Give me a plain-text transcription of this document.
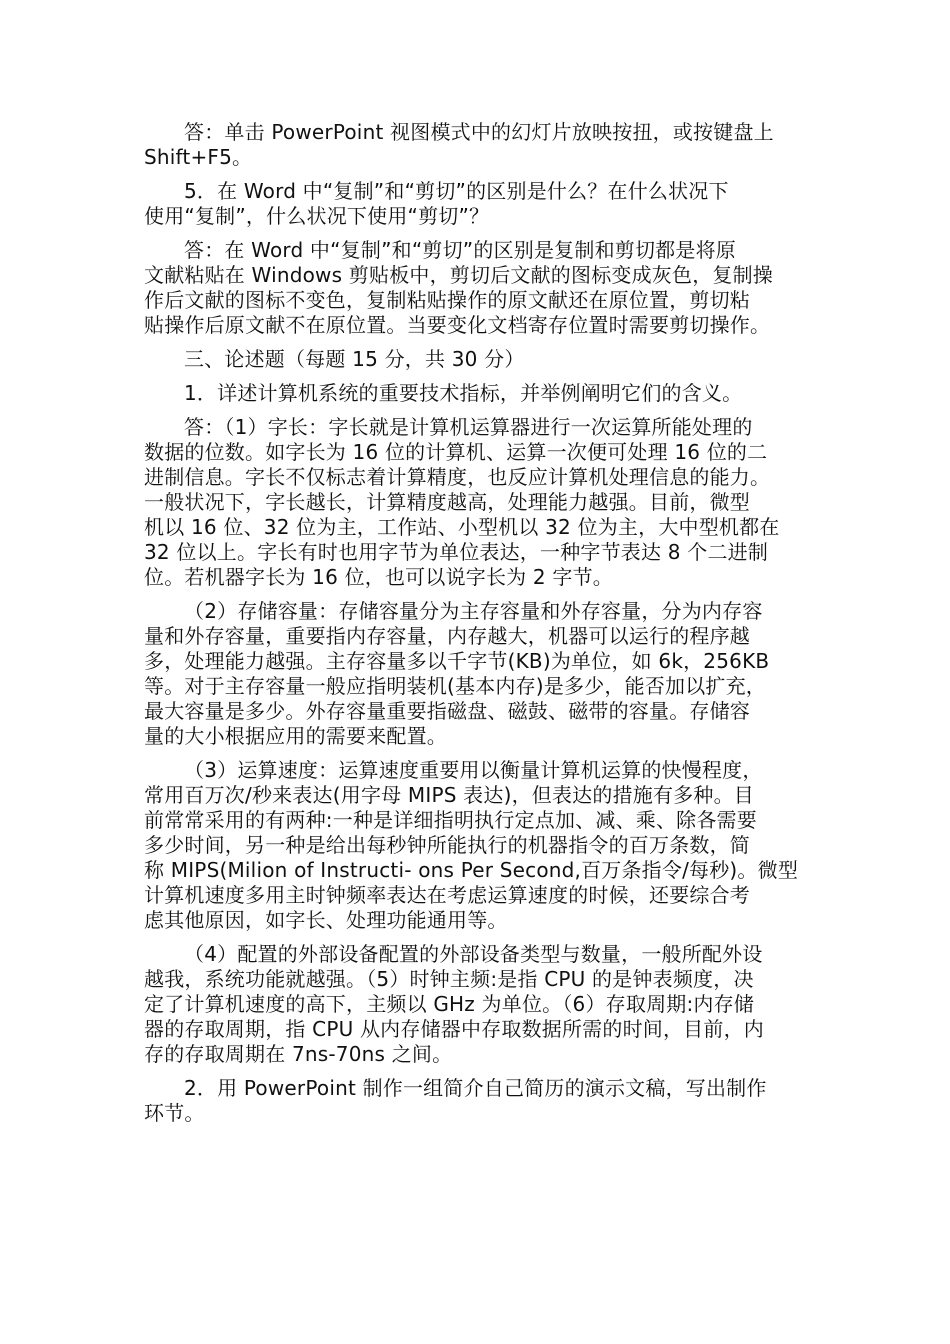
答：单击 PowerPoint 视图模式中的幻灯片放映按扭，或按键盘上
Shift+F5。

5．在 Word 中“复制”和“剪切”的区别是什么？在什么状况下
使用“复制”，什么状况下使用“剪切”？

答：在 Word 中“复制”和“剪切”的区别是复制和剪切都是将原
文献粘贴在 Windows 剪贴板中，剪切后文献的图标变成灰色，复制操
作后文献的图标不变色，复制粘贴操作的原文献还在原位置，剪切粘
贴操作后原文献不在原位置。当要变化文档寄存位置时需要剪切操作。

三、论述题（每题 15 分，共 30 分）

1．详述计算机系统的重要技术指标，并举例阐明它们的含义。

答：（1）字长：字长就是计算机运算器进行一次运算所能处理的
数据的位数。如字长为 16 位的计算机、运算一次便可处理 16 位的二
进制信息。字长不仅标志着计算精度，也反应计算机处理信息的能力。
一般状况下，字长越长，计算精度越高，处理能力越强。目前，微型
机以 16 位、32 位为主，工作站、小型机以 32 位为主，大中型机都在
32 位以上。字长有时也用字节为单位表达，一种字节表达 8 个二进制
位。若机器字长为 16 位，也可以说字长为 2 字节。

（2）存储容量：存储容量分为主存容量和外存容量，分为内存容
量和外存容量，重要指内存容量，内存越大，机器可以运行的程序越
多，处理能力越强。主存容量多以千字节(KB)为单位，如 6k，256KB
等。对于主存容量一般应指明装机(基本内存)是多少，能否加以扩充，
最大容量是多少。外存容量重要指磁盘、磁鼓、磁带的容量。存储容
量的大小根据应用的需要来配置。

（3）运算速度：运算速度重要用以衡量计算机运算的快慢程度，
常用百万次/秒来表达(用字母 MIPS 表达)，但表达的措施有多种。目
前常常采用的有两种:一种是详细指明执行定点加、减、乘、除各需要
多少时间，另一种是给出每秒钟所能执行的机器指令的百万条数，简
称 MIPS(Milion of Instructi- ons Per Second,百万条指令/每秒)。微型
计算机速度多用主时钟频率表达在考虑运算速度的时候，还要综合考
虑其他原因，如字长、处理功能通用等。

（4）配置的外部设备配置的外部设备类型与数量，一般所配外设
越我，系统功能就越强。（5）时钟主频:是指 CPU 的是钟表频度，决
定了计算机速度的高下，主频以 GHz 为单位。（6）存取周期:内存储
器的存取周期，指 CPU 从内存储器中存取数据所需的时间，目前，内
存的存取周期在 7ns-70ns 之间。

2．用 PowerPoint 制作一组简介自己简历的演示文稿，写出制作
环节。
